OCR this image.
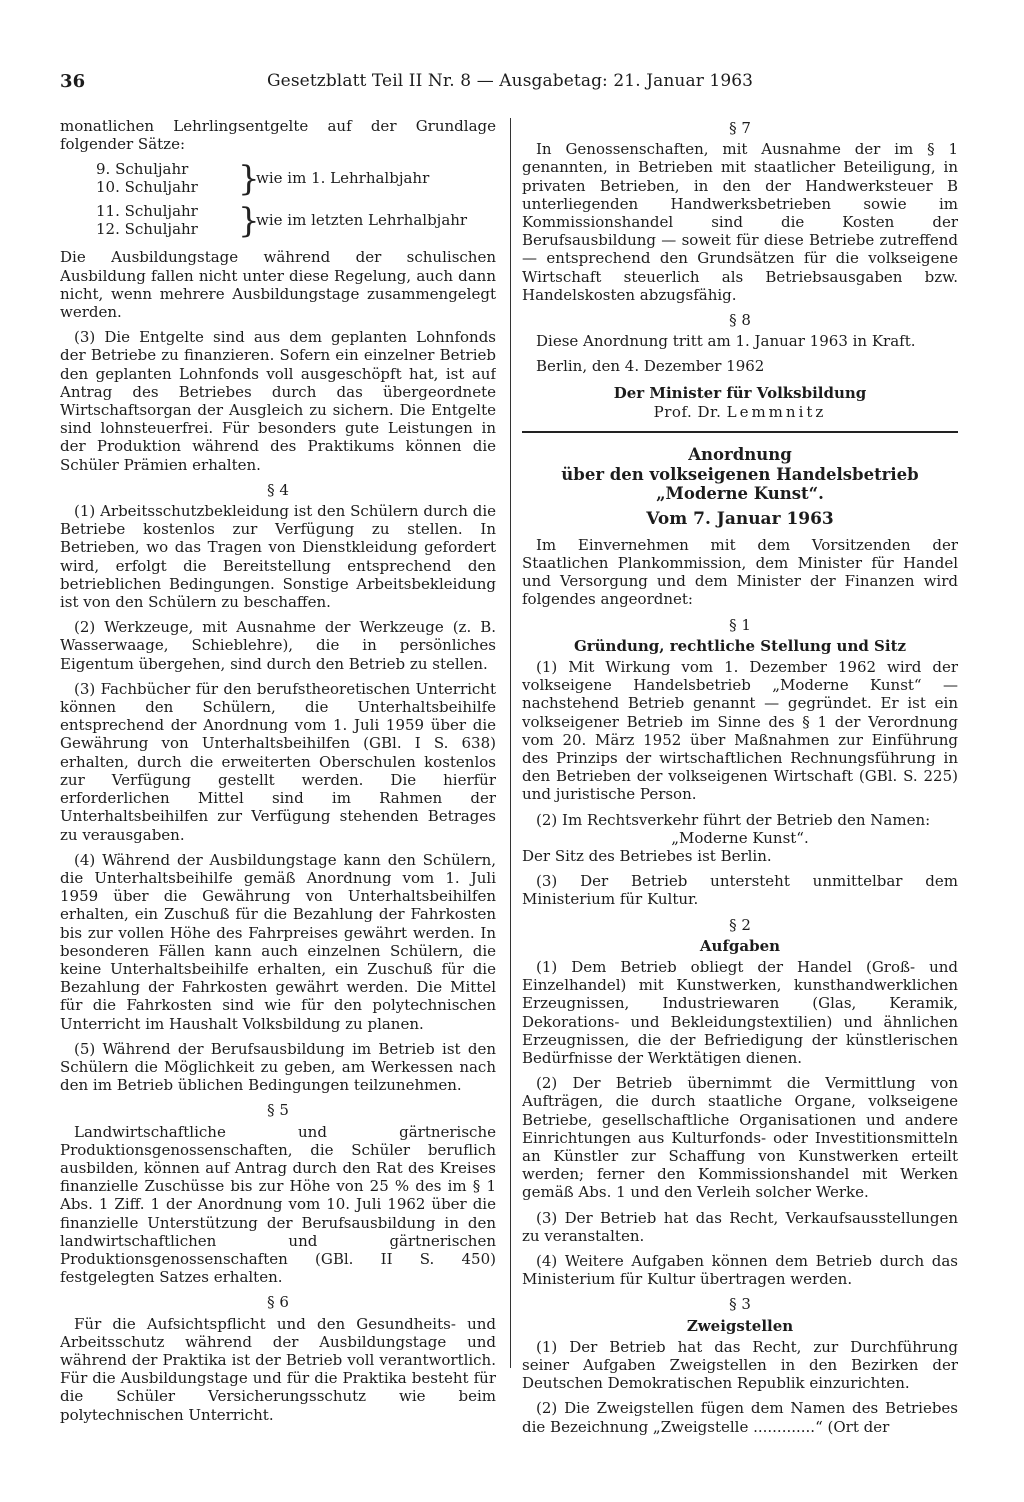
36	Gesetzblatt Teil II Nr. 8 — Ausgabetag: 21. Januar 1963

monatlichen Lehrlingsentgelte auf der Grundlage folgender Sätze:

9. Schuljahr
10. Schuljahr }
wie im 1. Lehrhalbjahr
11. Schuljahr
12. Schuljahr }
wie im letzten Lehrhalbjahr

Die Ausbildungstage während der schulischen Ausbildung fallen nicht unter diese Regelung, auch dann nicht, wenn mehrere Ausbildungstage zusammengelegt werden.

(3) Die Entgelte sind aus dem geplanten Lohnfonds der Betriebe zu finanzieren. Sofern ein einzelner Betrieb den geplanten Lohnfonds voll ausgeschöpft hat, ist auf Antrag des Betriebes durch das übergeordnete Wirtschaftsorgan der Ausgleich zu sichern. Die Entgelte sind lohnsteuerfrei. Für besonders gute Leistungen in der Produktion während des Praktikums können die Schüler Prämien erhalten.

§ 4

(1) Arbeitsschutzbekleidung ist den Schülern durch die Betriebe kostenlos zur Verfügung zu stellen. In Betrieben, wo das Tragen von Dienstkleidung gefordert wird, erfolgt die Bereitstellung entsprechend den betrieblichen Bedingungen. Sonstige Arbeitsbekleidung ist von den Schülern zu beschaffen.

(2) Werkzeuge, mit Ausnahme der Werkzeuge (z. B. Wasserwaage, Schieblehre), die in persönliches Eigentum übergehen, sind durch den Betrieb zu stellen.

(3) Fachbücher für den berufstheoretischen Unterricht können den Schülern, die Unterhaltsbeihilfe entsprechend der Anordnung vom 1. Juli 1959 über die Gewährung von Unterhaltsbeihilfen (GBl. I S. 638) erhalten, durch die erweiterten Oberschulen kostenlos zur Verfügung gestellt werden. Die hierfür erforderlichen Mittel sind im Rahmen der Unterhaltsbeihilfen zur Verfügung stehenden Betrages zu verausgaben.

(4) Während der Ausbildungstage kann den Schülern, die Unterhaltsbeihilfe gemäß Anordnung vom 1. Juli 1959 über die Gewährung von Unterhaltsbeihilfen erhalten, ein Zuschuß für die Bezahlung der Fahrkosten bis zur vollen Höhe des Fahrpreises gewährt werden. In besonderen Fällen kann auch einzelnen Schülern, die keine Unterhaltsbeihilfe erhalten, ein Zuschuß für die Bezahlung der Fahrkosten gewährt werden. Die Mittel für die Fahrkosten sind wie für den polytechnischen Unterricht im Haushalt Volksbildung zu planen.

(5) Während der Berufsausbildung im Betrieb ist den Schülern die Möglichkeit zu geben, am Werkessen nach den im Betrieb üblichen Bedingungen teilzunehmen.

§ 5

Landwirtschaftliche und gärtnerische Produktionsgenossenschaften, die Schüler beruflich ausbilden, können auf Antrag durch den Rat des Kreises finanzielle Zuschüsse bis zur Höhe von 25 % des im § 1 Abs. 1 Ziff. 1 der Anordnung vom 10. Juli 1962 über die finanzielle Unterstützung der Berufsausbildung in den landwirtschaftlichen und gärtnerischen Produktionsgenossenschaften (GBl. II S. 450) festgelegten Satzes erhalten.

§ 6

Für die Aufsichtspflicht und den Gesundheits- und Arbeitsschutz während der Ausbildungstage und während der Praktika ist der Betrieb voll verantwortlich. Für die Ausbildungstage und für die Praktika besteht für die Schüler Versicherungsschutz wie beim polytechnischen Unterricht.

§ 7

In Genossenschaften, mit Ausnahme der im § 1 genannten, in Betrieben mit staatlicher Beteiligung, in privaten Betrieben, in den der Handwerksteuer B unterliegenden Handwerksbetrieben sowie im Kommissionshandel sind die Kosten der Berufsausbildung — soweit für diese Betriebe zutreffend — entsprechend den Grundsätzen für die volkseigene Wirtschaft steuerlich als Betriebsausgaben bzw. Handelskosten abzugsfähig.

§ 8

Diese Anordnung tritt am 1. Januar 1963 in Kraft.

Berlin, den 4. Dezember 1962
Der Minister für Volksbildung
Prof. Dr. Lemmnitz
Anordnung
über den volkseigenen Handelsbetrieb
„Moderne Kunst“.
Vom 7. Januar 1963

Im Einvernehmen mit dem Vorsitzenden der Staatlichen Plankommission, dem Minister für Handel und Versorgung und dem Minister der Finanzen wird folgendes angeordnet:

§ 1
Gründung, rechtliche Stellung und Sitz

(1) Mit Wirkung vom 1. Dezember 1962 wird der volkseigene Handelsbetrieb „Moderne Kunst“ — nachstehend Betrieb genannt — gegründet. Er ist ein volkseigener Betrieb im Sinne des § 1 der Verordnung vom 20. März 1952 über Maßnahmen zur Einführung des Prinzips der wirtschaftlichen Rechnungsführung in den Betrieben der volkseigenen Wirtschaft (GBl. S. 225) und juristische Person.

(2) Im Rechtsverkehr führt der Betrieb den Namen:

„Moderne Kunst“.

Der Sitz des Betriebes ist Berlin.

(3) Der Betrieb untersteht unmittelbar dem Ministerium für Kultur.

§ 2
Aufgaben

(1) Dem Betrieb obliegt der Handel (Groß- und Einzelhandel) mit Kunstwerken, kunsthandwerklichen Erzeugnissen, Industriewaren (Glas, Keramik, Dekorations- und Bekleidungstextilien) und ähnlichen Erzeugnissen, die der Befriedigung der künstlerischen Bedürfnisse der Werktätigen dienen.

(2) Der Betrieb übernimmt die Vermittlung von Aufträgen, die durch staatliche Organe, volkseigene Betriebe, gesellschaftliche Organisationen und andere Einrichtungen aus Kulturfonds- oder Investitionsmitteln an Künstler zur Schaffung von Kunstwerken erteilt werden; ferner den Kommissionshandel mit Werken gemäß Abs. 1 und den Verleih solcher Werke.

(3) Der Betrieb hat das Recht, Verkaufsausstellungen zu veranstalten.

(4) Weitere Aufgaben können dem Betrieb durch das Ministerium für Kultur übertragen werden.

§ 3
Zweigstellen

(1) Der Betrieb hat das Recht, zur Durchführung seiner Aufgaben Zweigstellen in den Bezirken der Deutschen Demokratischen Republik einzurichten.

(2) Die Zweigstellen fügen dem Namen des Betriebes die Bezeichnung „Zweigstelle .............“ (Ort der
